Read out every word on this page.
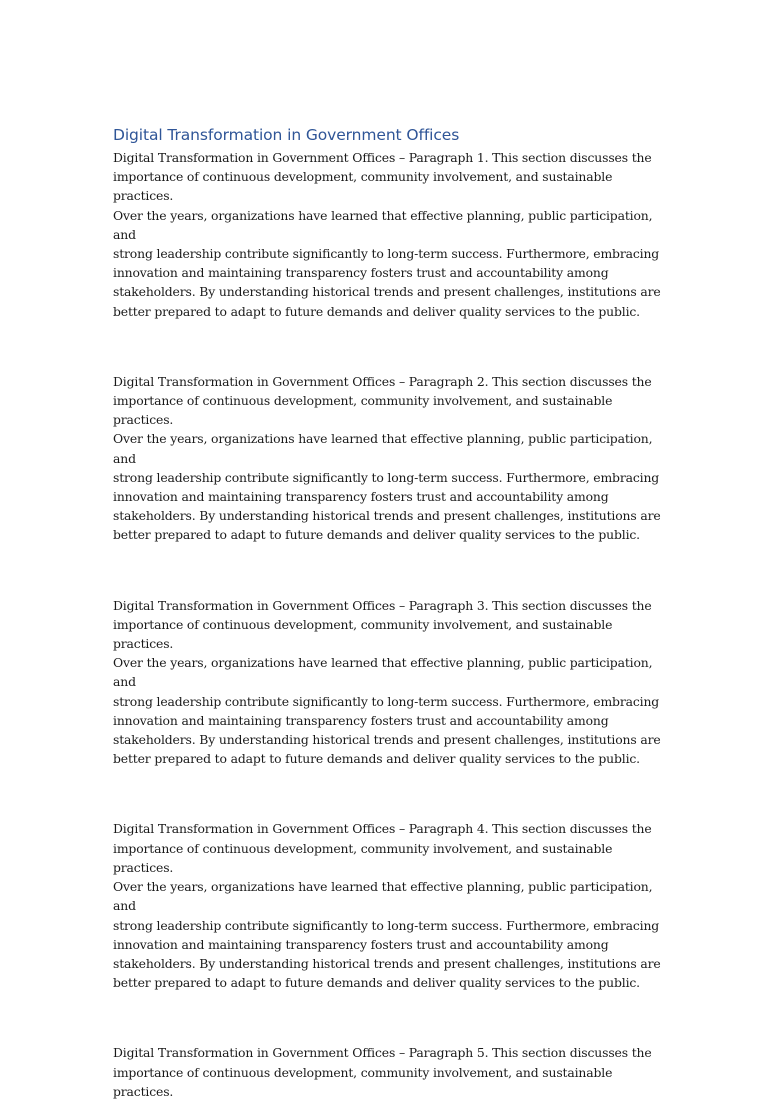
Digital Transformation in Government Offices

Digital Transformation in Government Offices – Paragraph 1. This section discusses the
importance of continuous development, community involvement, and sustainable practices.
Over the years, organizations have learned that effective planning, public participation, and
strong leadership contribute significantly to long-term success. Furthermore, embracing
innovation and maintaining transparency fosters trust and accountability among
stakeholders. By understanding historical trends and present challenges, institutions are
better prepared to adapt to future demands and deliver quality services to the public.

Digital Transformation in Government Offices – Paragraph 2. This section discusses the
importance of continuous development, community involvement, and sustainable practices.
Over the years, organizations have learned that effective planning, public participation, and
strong leadership contribute significantly to long-term success. Furthermore, embracing
innovation and maintaining transparency fosters trust and accountability among
stakeholders. By understanding historical trends and present challenges, institutions are
better prepared to adapt to future demands and deliver quality services to the public.

Digital Transformation in Government Offices – Paragraph 3. This section discusses the
importance of continuous development, community involvement, and sustainable practices.
Over the years, organizations have learned that effective planning, public participation, and
strong leadership contribute significantly to long-term success. Furthermore, embracing
innovation and maintaining transparency fosters trust and accountability among
stakeholders. By understanding historical trends and present challenges, institutions are
better prepared to adapt to future demands and deliver quality services to the public.

Digital Transformation in Government Offices – Paragraph 4. This section discusses the
importance of continuous development, community involvement, and sustainable practices.
Over the years, organizations have learned that effective planning, public participation, and
strong leadership contribute significantly to long-term success. Furthermore, embracing
innovation and maintaining transparency fosters trust and accountability among
stakeholders. By understanding historical trends and present challenges, institutions are
better prepared to adapt to future demands and deliver quality services to the public.

Digital Transformation in Government Offices – Paragraph 5. This section discusses the
importance of continuous development, community involvement, and sustainable practices.
